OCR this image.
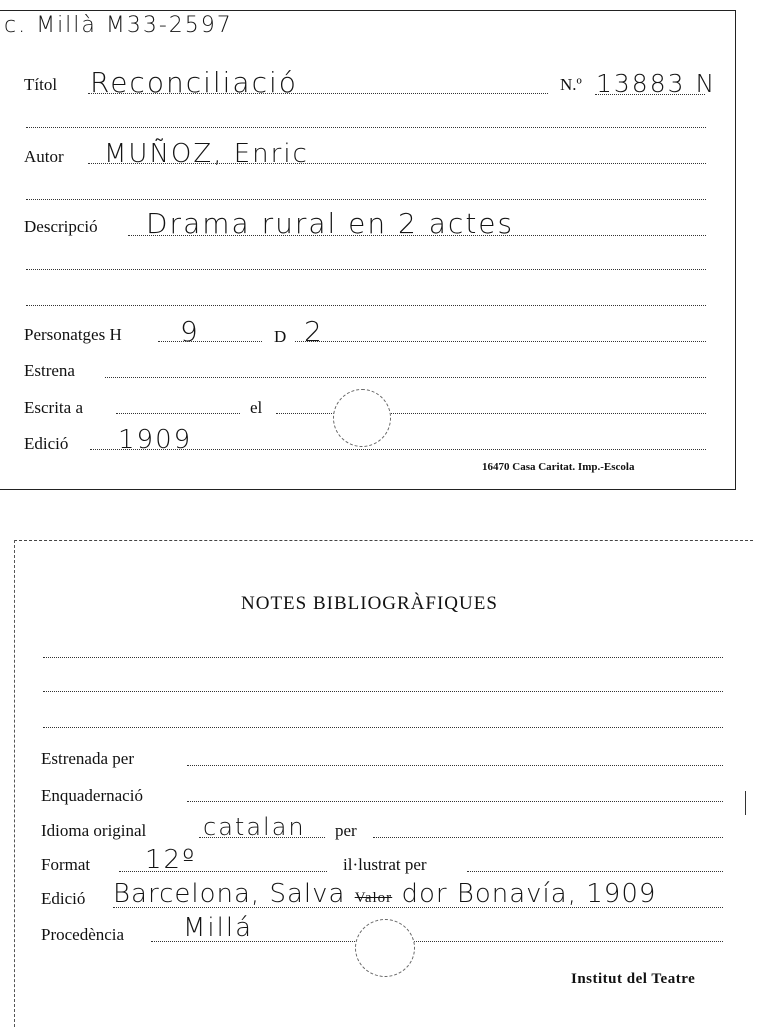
c. Millà M33-2597
Títol Reconciliació	N.º 13883 N
Autor MUÑOZ, Enric
Descripció Drama rural en 2 actes
Personatges H 9	D 2
Estrena
Escrita a	el
Edició 1909
16470 Casa Caritat. Imp.-Escola
NOTES BIBLIOGRÀFIQUES
Estrenada per
Enquadernació
Idioma original catalan per
Format 12º	il·lustrat per
Edició Barcelona, Salva Valor dor Bonavía, 1909
Procedència Millá
Institut del Teatre
